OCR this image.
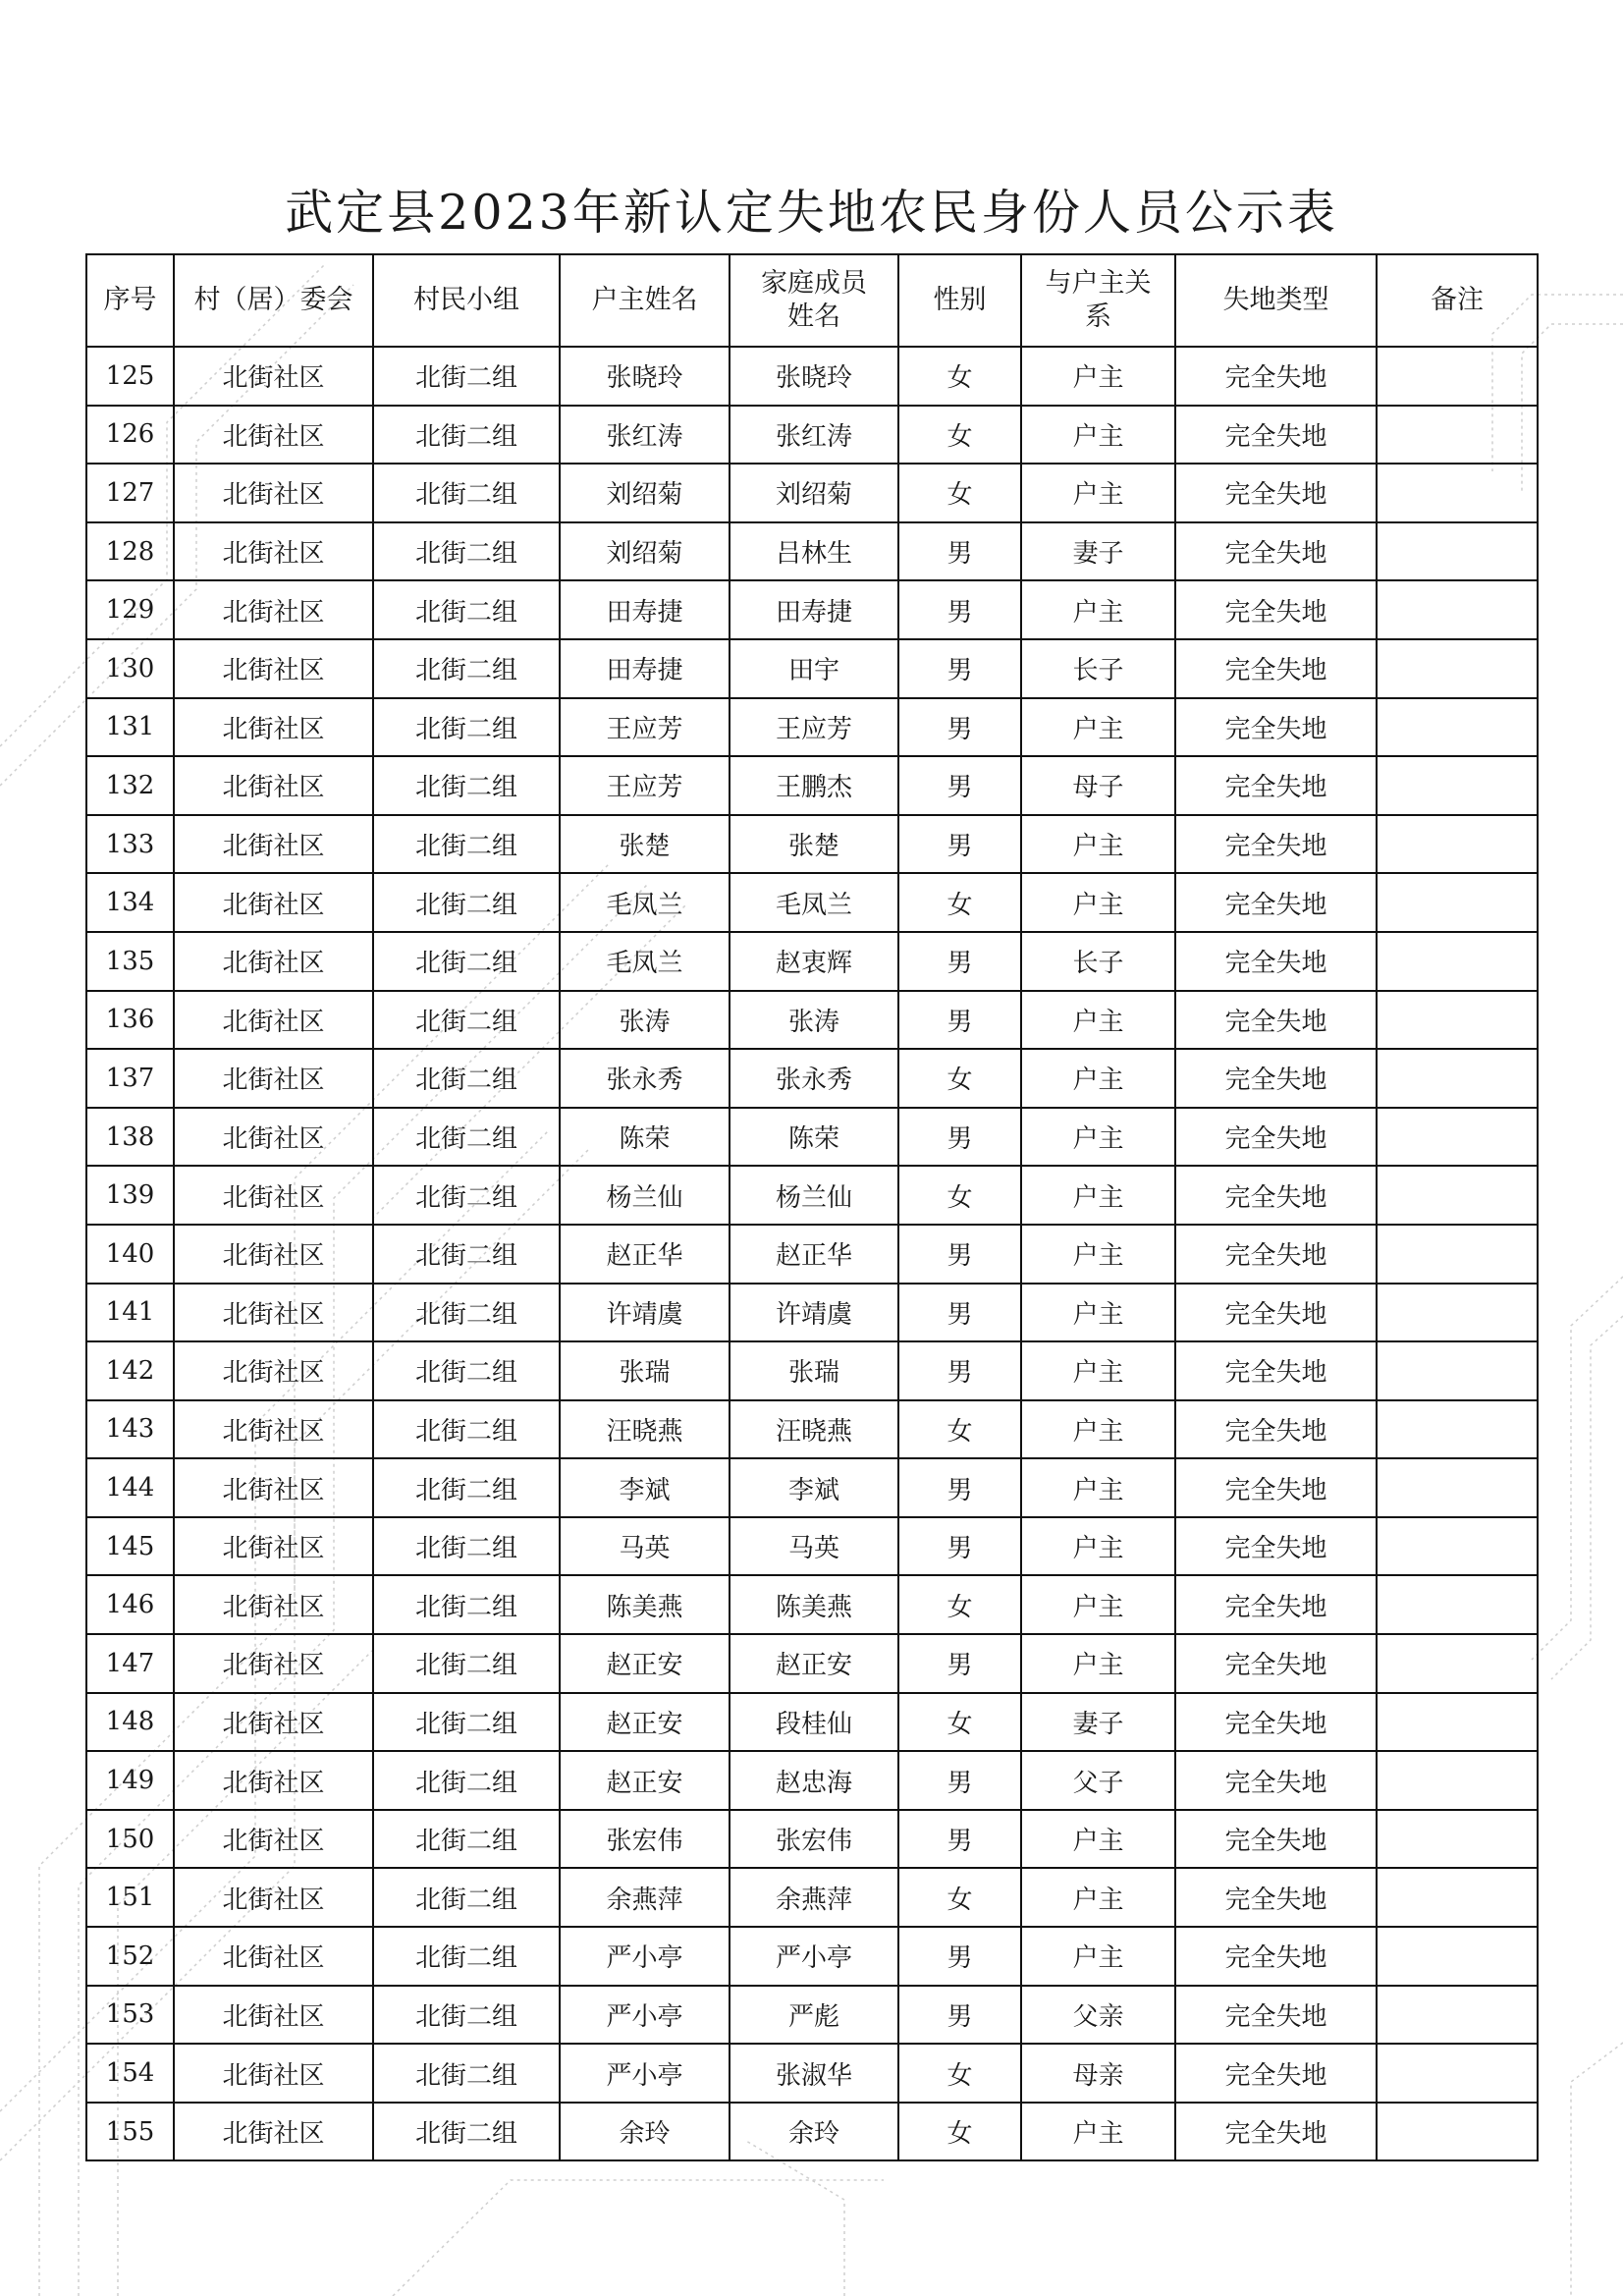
武定县2023年新认定失地农民身份人员公示表
序号	村（居）委会	村民小组	户主姓名	家庭成员姓名	性别	与户主关系	失地类型	备注
125	北街社区	北街二组	张晓玲	张晓玲	女	户主	完全失地	
126	北街社区	北街二组	张红涛	张红涛	女	户主	完全失地	
127	北街社区	北街二组	刘绍菊	刘绍菊	女	户主	完全失地	
128	北街社区	北街二组	刘绍菊	吕林生	男	妻子	完全失地	
129	北街社区	北街二组	田寿捷	田寿捷	男	户主	完全失地	
130	北街社区	北街二组	田寿捷	田宇	男	长子	完全失地	
131	北街社区	北街二组	王应芳	王应芳	男	户主	完全失地	
132	北街社区	北街二组	王应芳	王鹏杰	男	母子	完全失地	
133	北街社区	北街二组	张楚	张楚	男	户主	完全失地	
134	北街社区	北街二组	毛凤兰	毛凤兰	女	户主	完全失地	
135	北街社区	北街二组	毛凤兰	赵衷辉	男	长子	完全失地	
136	北街社区	北街二组	张涛	张涛	男	户主	完全失地	
137	北街社区	北街二组	张永秀	张永秀	女	户主	完全失地	
138	北街社区	北街二组	陈荣	陈荣	男	户主	完全失地	
139	北街社区	北街二组	杨兰仙	杨兰仙	女	户主	完全失地	
140	北街社区	北街二组	赵正华	赵正华	男	户主	完全失地	
141	北街社区	北街二组	许靖虞	许靖虞	男	户主	完全失地	
142	北街社区	北街二组	张瑞	张瑞	男	户主	完全失地	
143	北街社区	北街二组	汪晓燕	汪晓燕	女	户主	完全失地	
144	北街社区	北街二组	李斌	李斌	男	户主	完全失地	
145	北街社区	北街二组	马英	马英	男	户主	完全失地	
146	北街社区	北街二组	陈美燕	陈美燕	女	户主	完全失地	
147	北街社区	北街二组	赵正安	赵正安	男	户主	完全失地	
148	北街社区	北街二组	赵正安	段桂仙	女	妻子	完全失地	
149	北街社区	北街二组	赵正安	赵忠海	男	父子	完全失地	
150	北街社区	北街二组	张宏伟	张宏伟	男	户主	完全失地	
151	北街社区	北街二组	余燕萍	余燕萍	女	户主	完全失地	
152	北街社区	北街二组	严小亭	严小亭	男	户主	完全失地	
153	北街社区	北街二组	严小亭	严彪	男	父亲	完全失地	
154	北街社区	北街二组	严小亭	张淑华	女	母亲	完全失地	
155	北街社区	北街二组	余玲	余玲	女	户主	完全失地	
